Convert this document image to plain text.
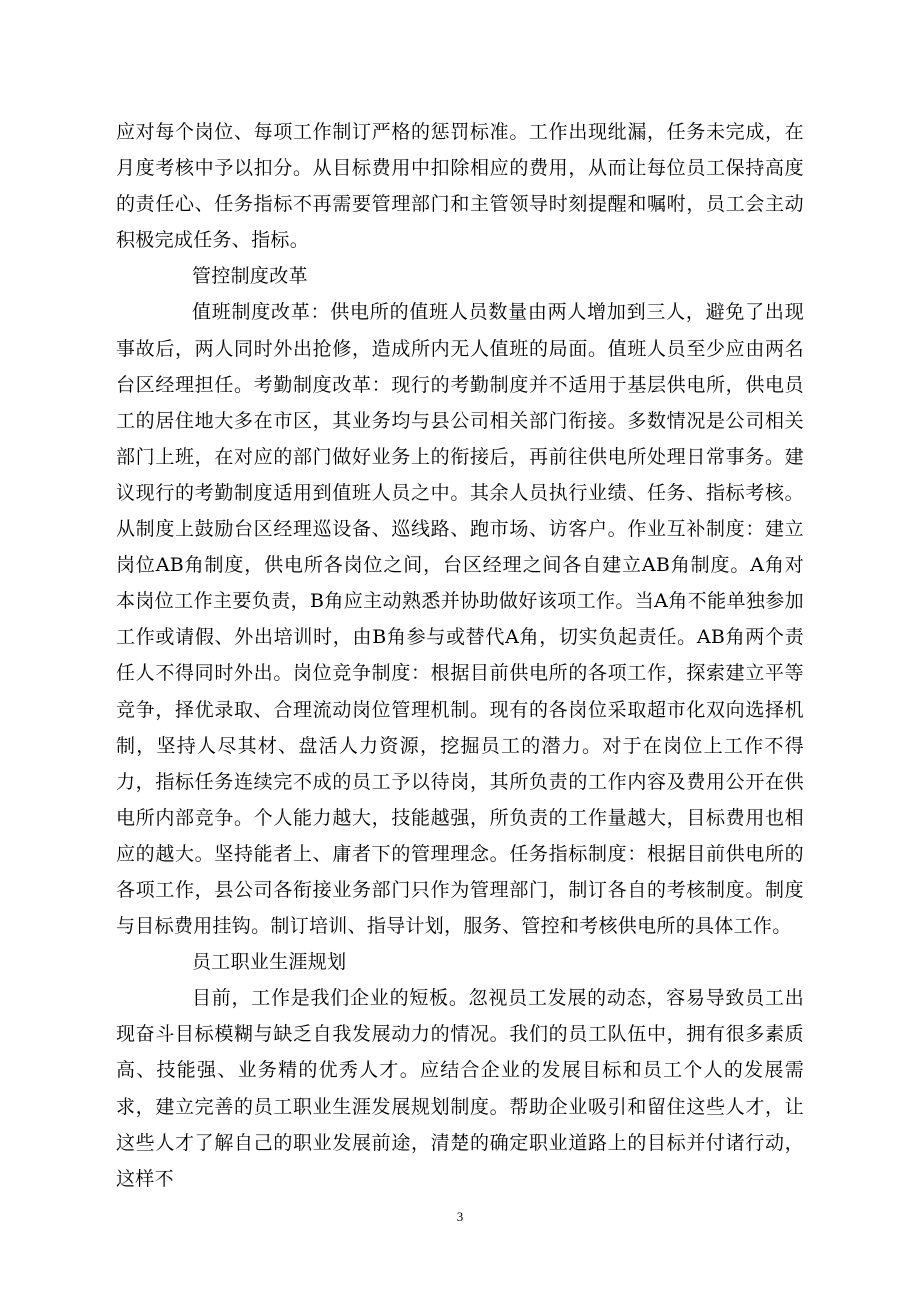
应对每个岗位、每项工作制订严格的惩罚标准。工作出现纰漏，任务未完成，在月度考核中予以扣分。从目标费用中扣除相应的费用，从而让每位员工保持高度的责任心、任务指标不再需要管理部门和主管领导时刻提醒和嘱咐，员工会主动积极完成任务、指标。

管控制度改革

值班制度改革：供电所的值班人员数量由两人增加到三人，避免了出现事故后，两人同时外出抢修，造成所内无人值班的局面。值班人员至少应由两名台区经理担任。考勤制度改革：现行的考勤制度并不适用于基层供电所，供电员工的居住地大多在市区，其业务均与县公司相关部门衔接。多数情况是公司相关部门上班，在对应的部门做好业务上的衔接后，再前往供电所处理日常事务。建议现行的考勤制度适用到值班人员之中。其余人员执行业绩、任务、指标考核。从制度上鼓励台区经理巡设备、巡线路、跑市场、访客户。作业互补制度：建立岗位AB角制度，供电所各岗位之间，台区经理之间各自建立AB角制度。A角对本岗位工作主要负责，B角应主动熟悉并协助做好该项工作。当A角不能单独参加工作或请假、外出培训时，由B角参与或替代A角，切实负起责任。AB角两个责任人不得同时外出。岗位竞争制度：根据目前供电所的各项工作，探索建立平等竞争，择优录取、合理流动岗位管理机制。现有的各岗位采取超市化双向选择机制，坚持人尽其材、盘活人力资源，挖掘员工的潜力。对于在岗位上工作不得力，指标任务连续完不成的员工予以待岗，其所负责的工作内容及费用公开在供电所内部竞争。个人能力越大，技能越强，所负责的工作量越大，目标费用也相应的越大。坚持能者上、庸者下的管理理念。任务指标制度：根据目前供电所的各项工作，县公司各衔接业务部门只作为管理部门，制订各自的考核制度。制度与目标费用挂钩。制订培训、指导计划，服务、管控和考核供电所的具体工作。

员工职业生涯规划

目前，工作是我们企业的短板。忽视员工发展的动态，容易导致员工出现奋斗目标模糊与缺乏自我发展动力的情况。我们的员工队伍中，拥有很多素质高、技能强、业务精的优秀人才。应结合企业的发展目标和员工个人的发展需求，建立完善的员工职业生涯发展规划制度。帮助企业吸引和留住这些人才，让这些人才了解自己的职业发展前途，清楚的确定职业道路上的目标并付诸行动，这样不

3
